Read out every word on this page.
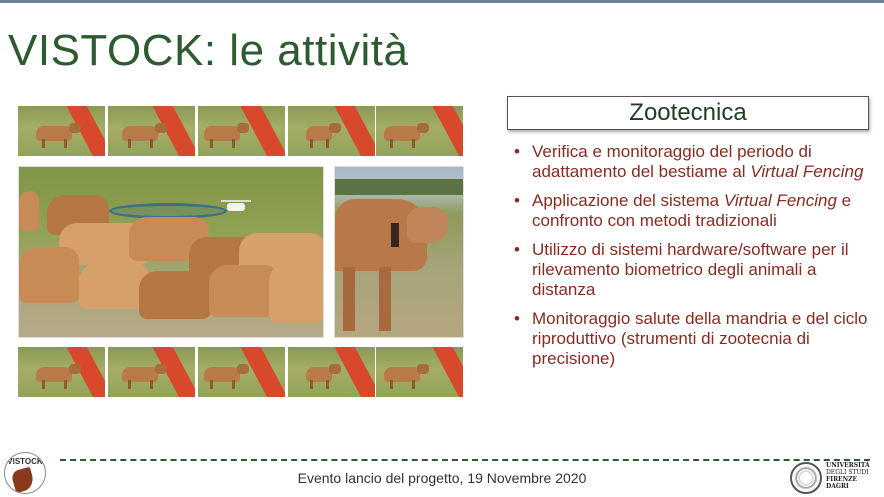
VISTOCK: le attività
Zootecnica
• Verifica e monitoraggio del periodo di adattamento del bestiame al Virtual Fencing
• Applicazione del sistema Virtual Fencing e confronto con metodi tradizionali
• Utilizzo di sistemi hardware/software per il rilevamento biometrico degli animali a distanza
• Monitoraggio salute della mandria e del ciclo riproduttivo (strumenti di zootecnia di precisione)
Evento lancio del progetto, 19 Novembre 2020
VISTOCK	UNIVERSITÀ
DEGLI STUDI
FIRENZE
DAGRI
